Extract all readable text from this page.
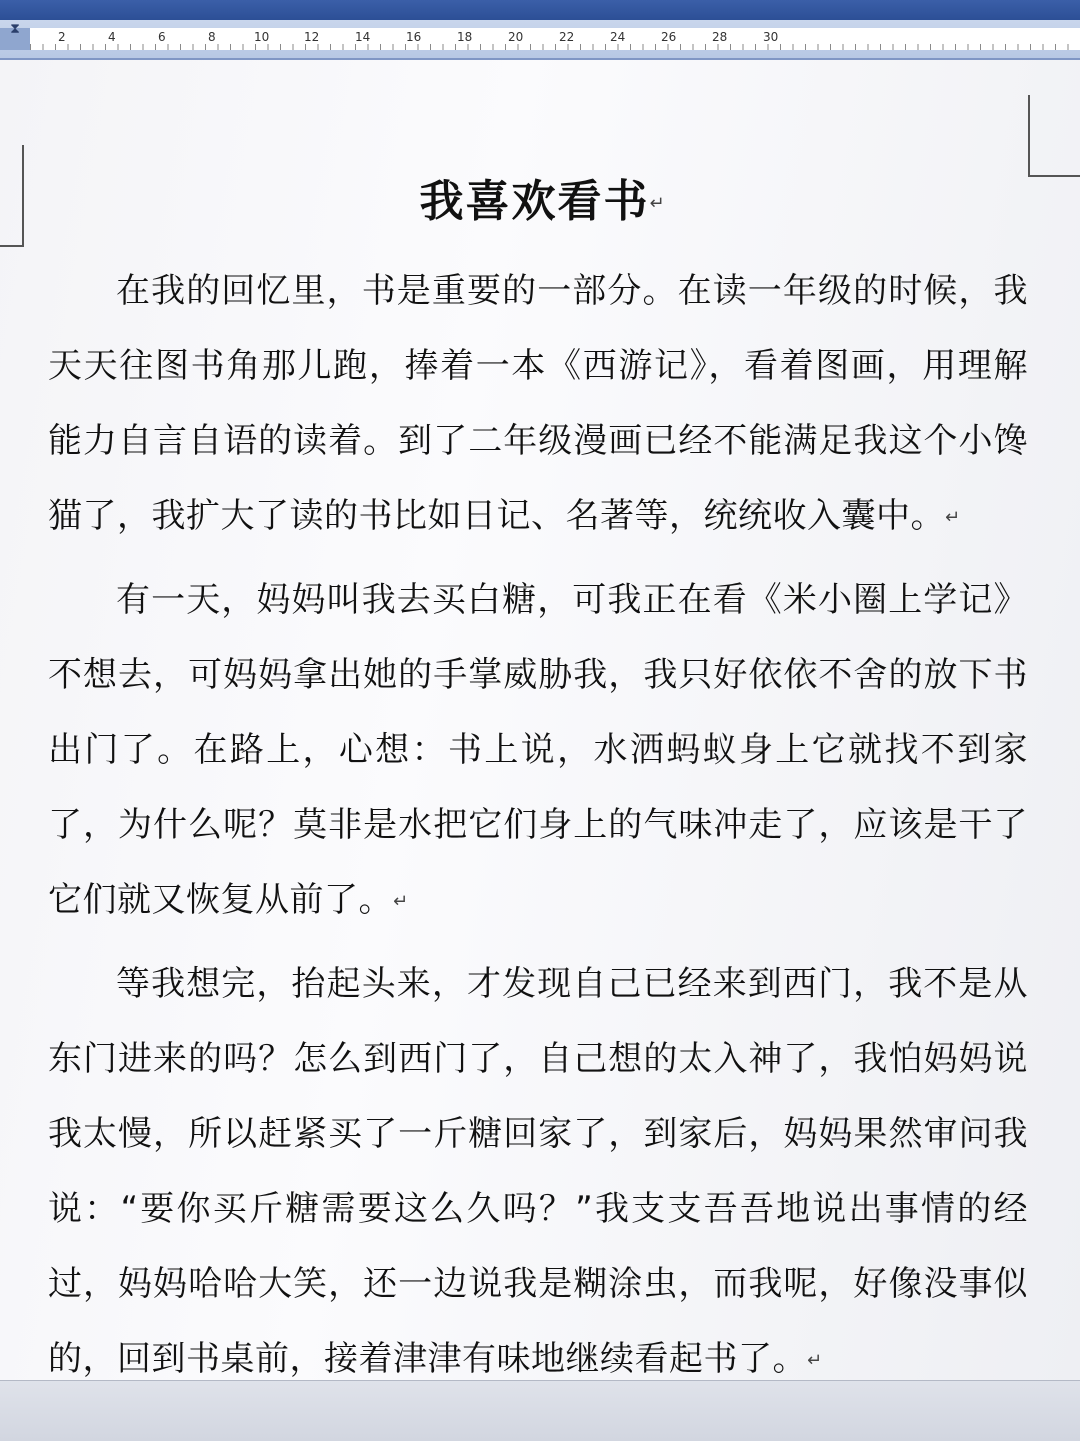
⧗	2	4	6	8	10	12	14	16	18	20	22	24	26	28	30
我喜欢看书↵

在我的回忆里，书是重要的一部分。在读一年级的时候，我天天往图书角那儿跑，捧着一本《西游记》，看着图画，用理解能力自言自语的读着。到了二年级漫画已经不能满足我这个小馋猫了，我扩大了读的书比如日记、名著等，统统收入囊中。↵

有一天，妈妈叫我去买白糖，可我正在看《米小圈上学记》不想去，可妈妈拿出她的手掌威胁我，我只好依依不舍的放下书出门了。在路上，心想：书上说，水洒蚂蚁身上它就找不到家了，为什么呢？莫非是水把它们身上的气味冲走了，应该是干了它们就又恢复从前了。↵

等我想完，抬起头来，才发现自己已经来到西门，我不是从东门进来的吗？怎么到西门了，自己想的太入神了，我怕妈妈说我太慢，所以赶紧买了一斤糖回家了，到家后，妈妈果然审问我说：“要你买斤糖需要这么久吗？”我支支吾吾地说出事情的经过，妈妈哈哈大笑，还一边说我是糊涂虫，而我呢，好像没事似的，回到书桌前，接着津津有味地继续看起书了。↵
